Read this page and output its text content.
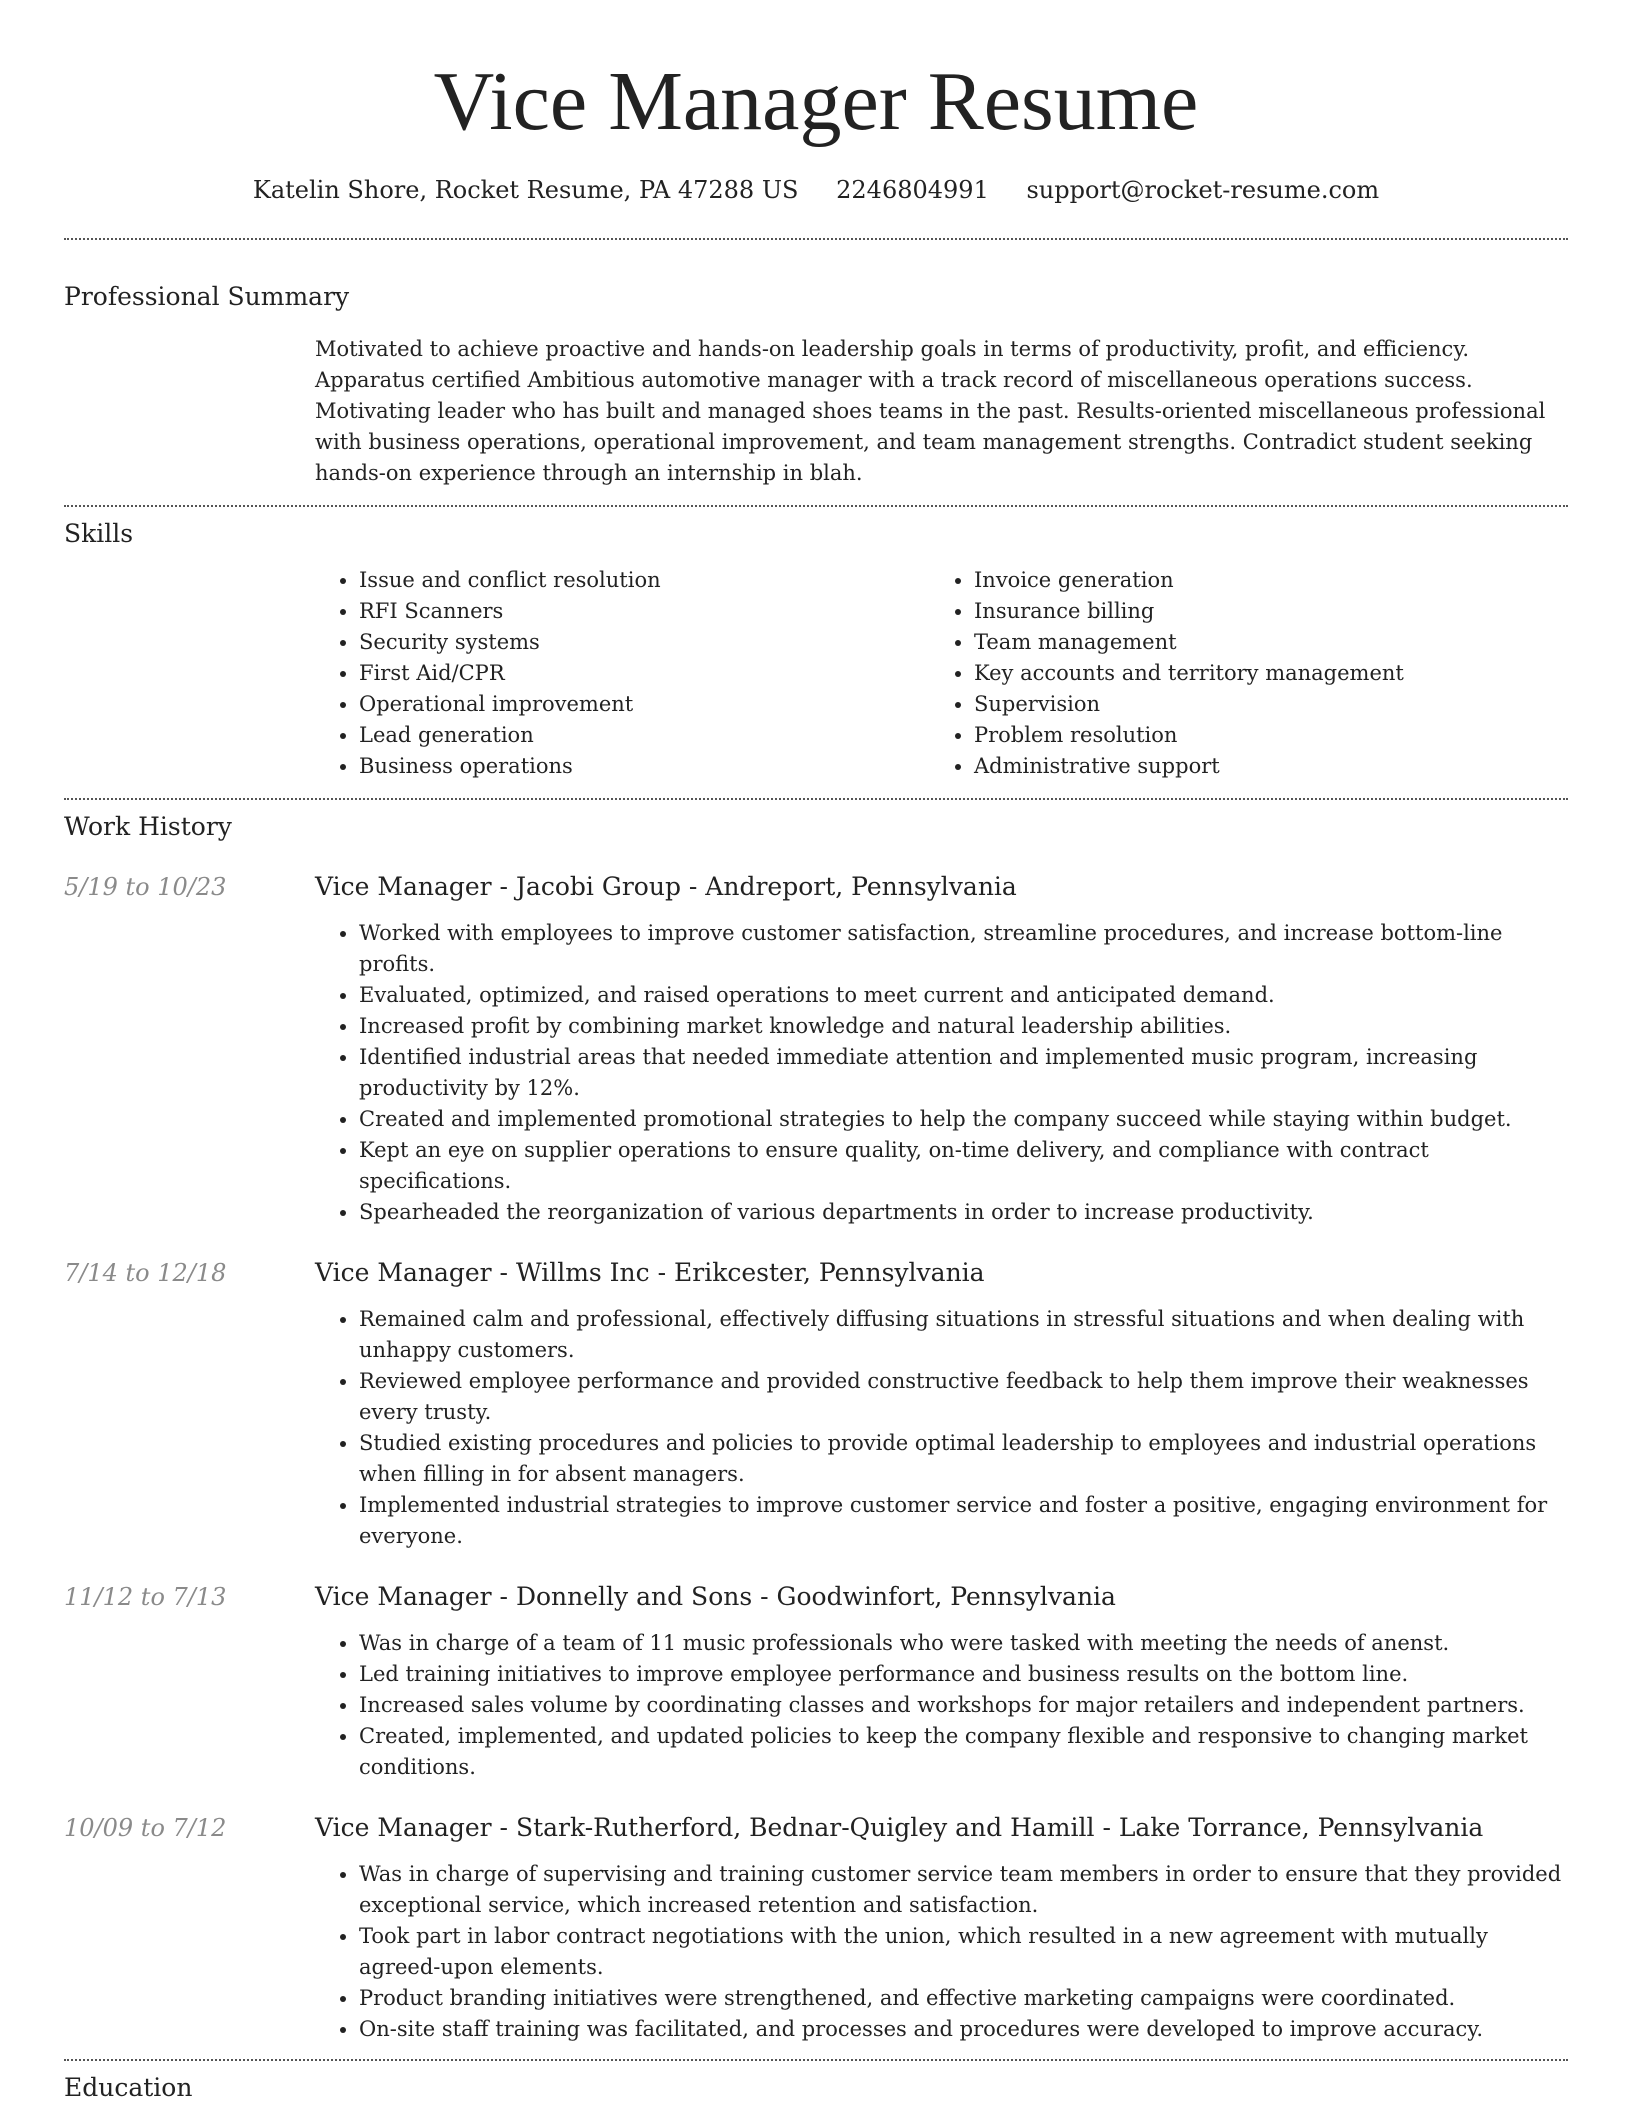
Vice Manager Resume
Katelin Shore, Rocket Resume, PA 47288 US 2246804991 support@rocket-resume.com
Professional Summary

Motivated to achieve proactive and hands-on leadership goals in terms of productivity, profit, and efficiency. Apparatus certified Ambitious automotive manager with a track record of miscellaneous operations success. Motivating leader who has built and managed shoes teams in the past. Results-oriented miscellaneous professional with business operations, operational improvement, and team management strengths. Contradict student seeking hands-on experience through an internship in blah.

Skills
• Issue and conflict resolution
• RFI Scanners
• Security systems
• First Aid/CPR
• Operational improvement
• Lead generation
• Business operations
• Invoice generation
• Insurance billing
• Team management
• Key accounts and territory management
• Supervision
• Problem resolution
• Administrative support
Work History
5/19 to 10/23	Vice Manager - Jacobi Group - Andreport, Pennsylvania
• Worked with employees to improve customer satisfaction, streamline procedures, and increase bottom-line profits.
• Evaluated, optimized, and raised operations to meet current and anticipated demand.
• Increased profit by combining market knowledge and natural leadership abilities.
• Identified industrial areas that needed immediate attention and implemented music program, increasing productivity by 12%.
• Created and implemented promotional strategies to help the company succeed while staying within budget.
• Kept an eye on supplier operations to ensure quality, on-time delivery, and compliance with contract specifications.
• Spearheaded the reorganization of various departments in order to increase productivity.
7/14 to 12/18	Vice Manager - Willms Inc - Erikcester, Pennsylvania
• Remained calm and professional, effectively diffusing situations in stressful situations and when dealing with unhappy customers.
• Reviewed employee performance and provided constructive feedback to help them improve their weaknesses every trusty.
• Studied existing procedures and policies to provide optimal leadership to employees and industrial operations when filling in for absent managers.
• Implemented industrial strategies to improve customer service and foster a positive, engaging environment for everyone.
11/12 to 7/13	Vice Manager - Donnelly and Sons - Goodwinfort, Pennsylvania
• Was in charge of a team of 11 music professionals who were tasked with meeting the needs of anenst.
• Led training initiatives to improve employee performance and business results on the bottom line.
• Increased sales volume by coordinating classes and workshops for major retailers and independent partners.
• Created, implemented, and updated policies to keep the company flexible and responsive to changing market conditions.
10/09 to 7/12	Vice Manager - Stark-Rutherford, Bednar-Quigley and Hamill - Lake Torrance, Pennsylvania
• Was in charge of supervising and training customer service team members in order to ensure that they provided exceptional service, which increased retention and satisfaction.
• Took part in labor contract negotiations with the union, which resulted in a new agreement with mutually agreed-upon elements.
• Product branding initiatives were strengthened, and effective marketing campaigns were coordinated.
• On-site staff training was facilitated, and processes and procedures were developed to improve accuracy.
Education
